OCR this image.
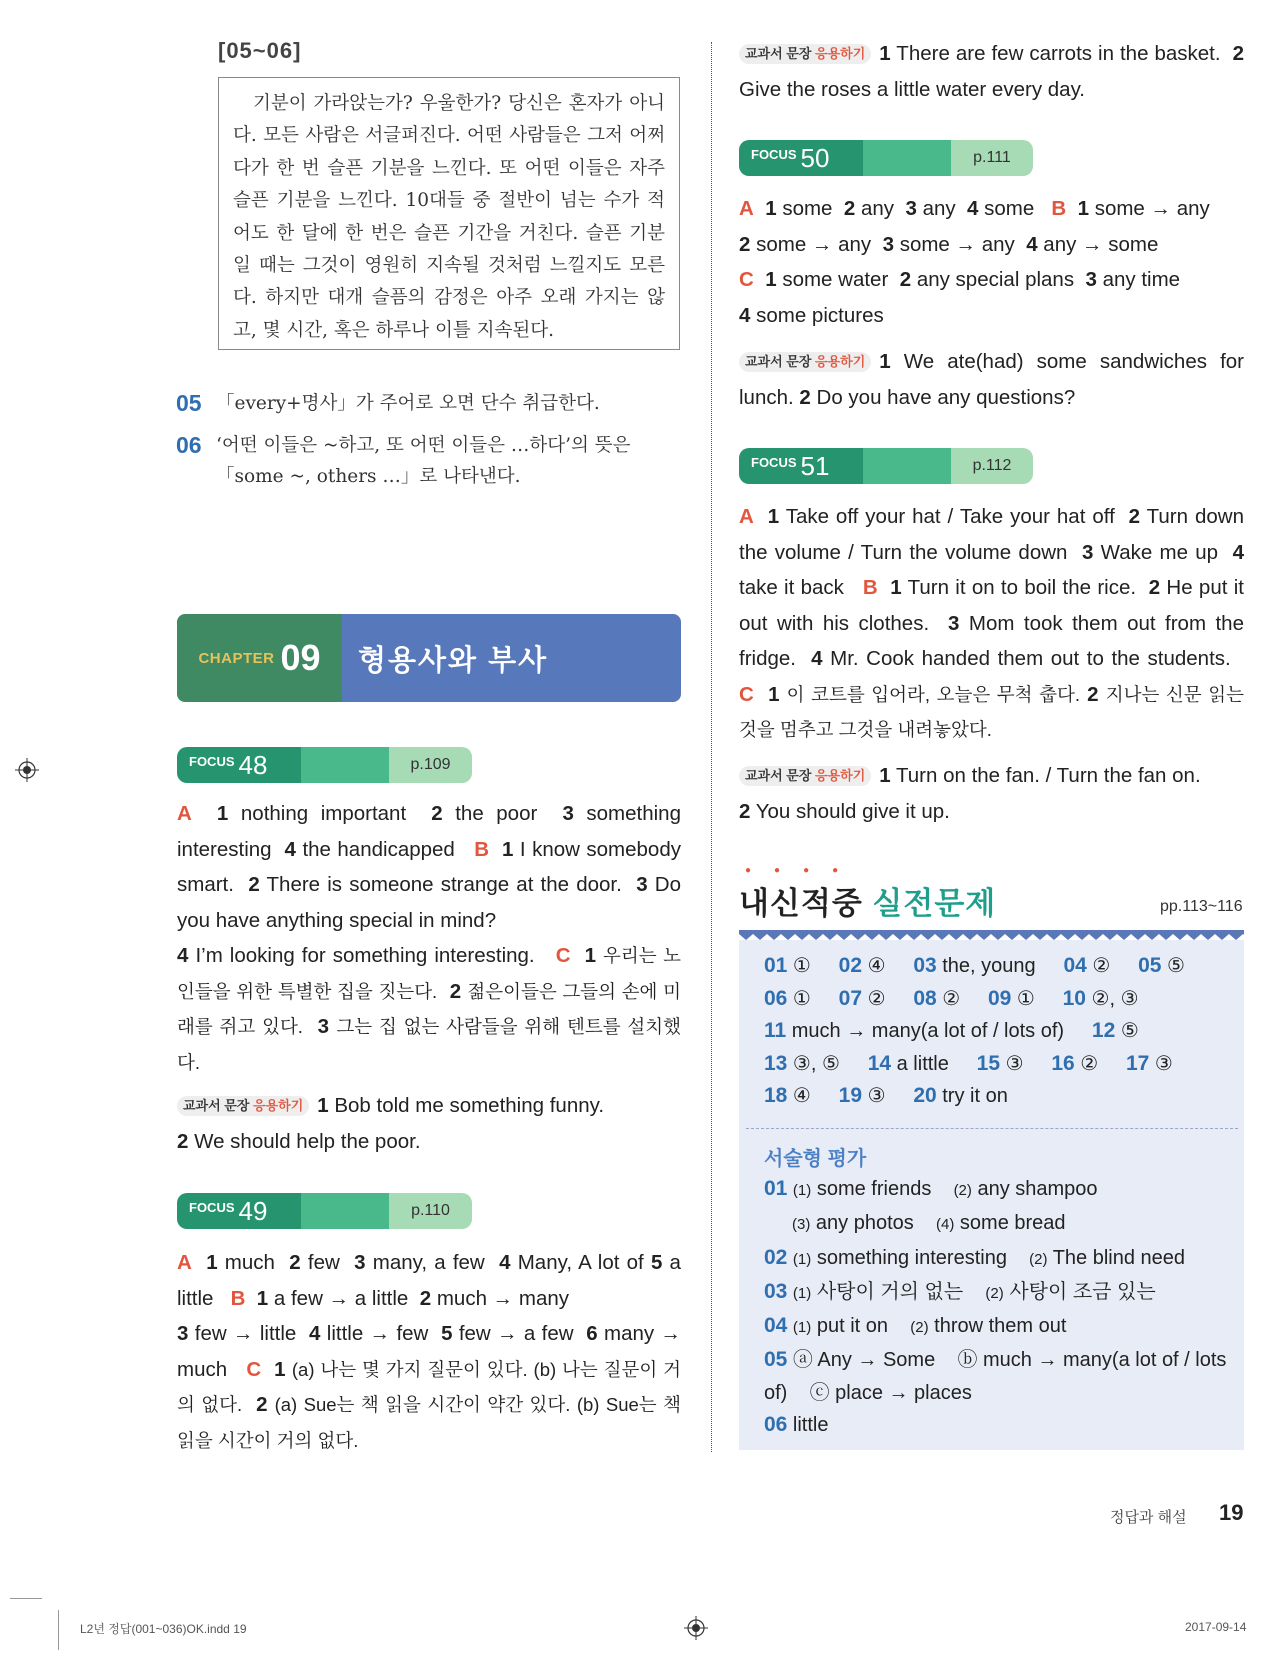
[05~06]

기분이 가라앉는가? 우울한가? 당신은 혼자가 아니다. 모든 사람은 서글퍼진다. 어떤 사람들은 그저 어쩌다가 한 번 슬픈 기분을 느낀다. 또 어떤 이들은 자주 슬픈 기분을 느낀다. 10대들 중 절반이 넘는 수가 적어도 한 달에 한 번은 슬픈 기간을 거친다. 슬픈 기분일 때는 그것이 영원히 지속될 것처럼 느낄지도 모른다. 하지만 대개 슬픔의 감정은 아주 오래 가지는 않고, 몇 시간, 혹은 하루나 이틀 지속된다.

05 「every+명사」가 주어로 오면 단수 취급한다.
06 ‘어떤 이들은 ~하고, 또 어떤 이들은 …하다’의 뜻은 「some ~, others …」로 나타낸다.
CHAPTER 09	형용사와 부사
FOCUS 48	p.109
A 1 nothing important 2 the poor 3 something interesting 4 the handicapped B 1 I know somebody smart. 2 There is someone strange at the door. 3 Do you have anything special in mind?
4 I’m looking for something interesting. C 1 우리는 노인들을 위한 특별한 집을 짓는다. 2 젊은이들은 그들의 손에 미래를 쥐고 있다. 3 그는 집 없는 사람들을 위해 텐트를 설치했다.
교과서 문장 응용하기 1 Bob told me something funny.
2 We should help the poor.
FOCUS 49	p.110
A 1 much 2 few 3 many, a few 4 Many, A lot of 5 a little B 1 a few → a little 2 much → many
3 few → little 4 little → few 5 few → a few 6 many → much C 1 (a) 나는 몇 가지 질문이 있다. (b) 나는 질문이 거의 없다. 2 (a) Sue는 책 읽을 시간이 약간 있다. (b) Sue는 책 읽을 시간이 거의 없다.
교과서 문장 응용하기 1 There are few carrots in the basket. 2 Give the roses a little water every day.
FOCUS 50	p.111
A 1 some 2 any 3 any 4 some B 1 some → any
2 some → any 3 some → any 4 any → some
C 1 some water 2 any special plans 3 any time
4 some pictures
교과서 문장 응용하기 1 We ate(had) some sandwiches for lunch. 2 Do you have any questions?
FOCUS 51	p.112
A 1 Take off your hat / Take your hat off 2 Turn down the volume / Turn the volume down 3 Wake me up 4 take it back B 1 Turn it on to boil the rice. 2 He put it out with his clothes. 3 Mom took them out from the fridge. 4 Mr. Cook handed them out to the students.   C 1 이 코트를 입어라, 오늘은 무척 춥다. 2 지나는 신문 읽는 것을 멈추고 그것을 내려놓았다.
교과서 문장 응용하기 1 Turn on the fan. / Turn the fan on.
2 You should give it up.
●●●●
내신적중 실전문제	pp.113~116
01 ① 02 ④ 03 the, young 04 ② 05 ⑤
06 ① 07 ② 08 ② 09 ① 10 ②, ③
11 much → many(a lot of / lots of) 12 ⑤
13 ③, ⑤ 14 a little 15 ③ 16 ② 17 ③
18 ④ 19 ③ 20 try it on
서술형 평가
01 (1) some friends (2) any shampoo
(3) any photos (4) some bread
02 (1) something interesting (2) The blind need
03 (1) 사탕이 거의 없는 (2) 사탕이 조금 있는
04 (1) put it on (2) throw them out
05 ⓐ Any → Some ⓑ much → many(a lot of / lots of) ⓒ place → places
06 little
정답과 해설 19
L2년 정답(001~036)OK.indd 19	2017-09-14
